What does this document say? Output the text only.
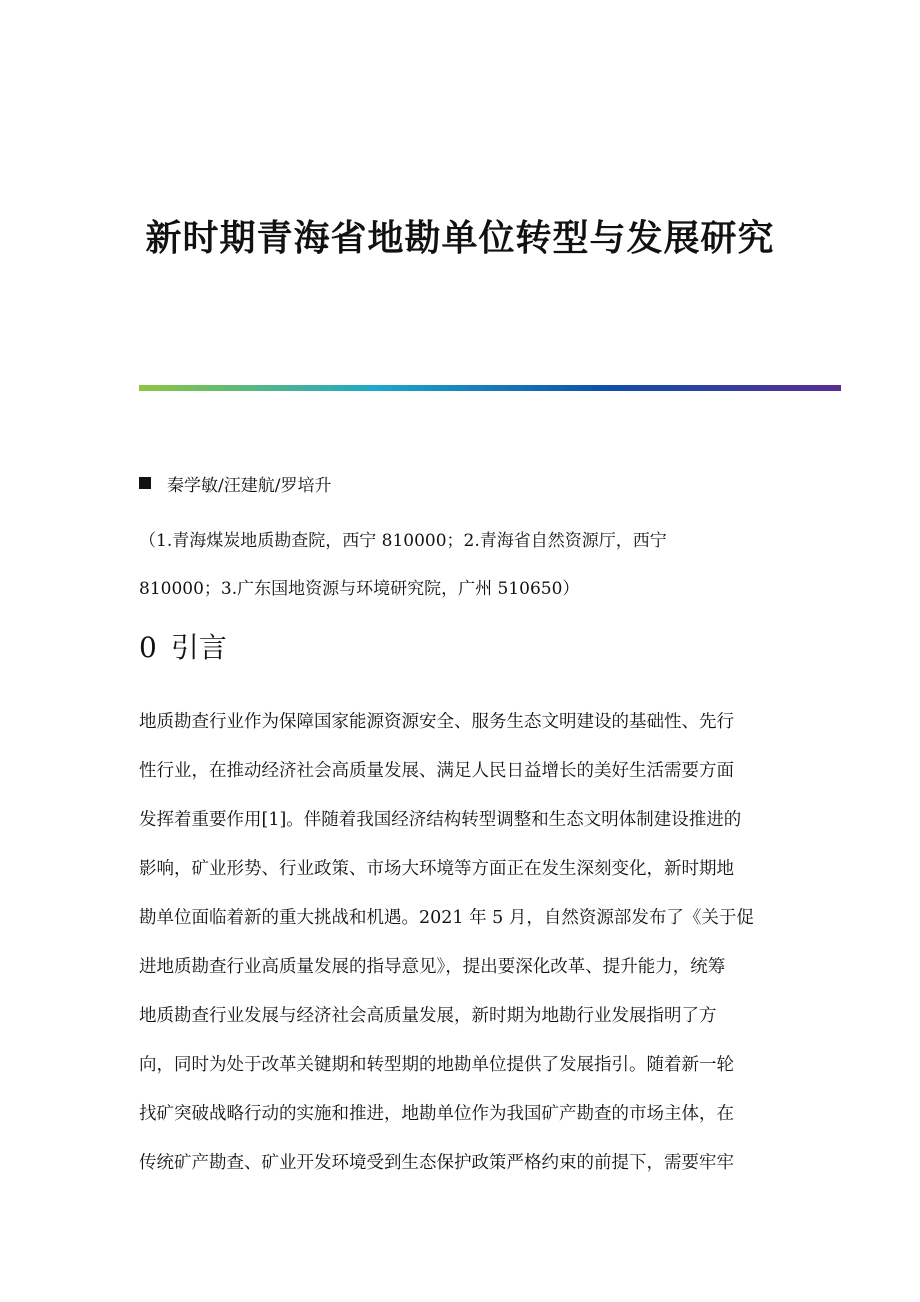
新时期青海省地勘单位转型与发展研究
秦学敏/汪建航/罗培升
（1.青海煤炭地质勘查院，西宁 810000；2.青海省自然资源厅，西宁
810000；3.广东国地资源与环境研究院，广州 510650）
0 引言
地质勘查行业作为保障国家能源资源安全、服务生态文明建设的基础性、先行
性行业，在推动经济社会高质量发展、满足人民日益增长的美好生活需要方面
发挥着重要作用[1]。伴随着我国经济结构转型调整和生态文明体制建设推进的
影响，矿业形势、行业政策、市场大环境等方面正在发生深刻变化，新时期地
勘单位面临着新的重大挑战和机遇。2021 年 5 月，自然资源部发布了《关于促
进地质勘查行业高质量发展的指导意见》，提出要深化改革、提升能力，统筹
地质勘查行业发展与经济社会高质量发展，新时期为地勘行业发展指明了方
向，同时为处于改革关键期和转型期的地勘单位提供了发展指引。随着新一轮
找矿突破战略行动的实施和推进，地勘单位作为我国矿产勘查的市场主体，在
传统矿产勘查、矿业开发环境受到生态保护政策严格约束的前提下，需要牢牢
